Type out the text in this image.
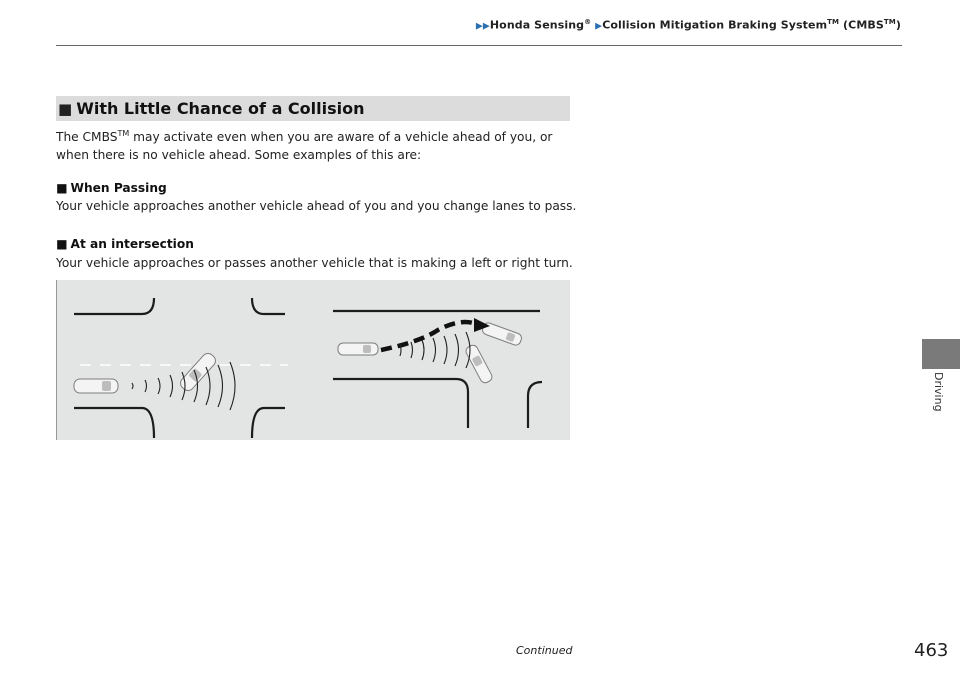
▶▶Honda Sensing® ▶Collision Mitigation Braking System™ (CMBS™)
■ With Little Chance of a Collision
The CMBS™ may activate even when you are aware of a vehicle ahead of you, or
when there is no vehicle ahead. Some examples of this are:
■ When Passing
Your vehicle approaches another vehicle ahead of you and you change lanes to pass.
■ At an intersection
Your vehicle approaches or passes another vehicle that is making a left or right turn.
Driving
Continued	463
